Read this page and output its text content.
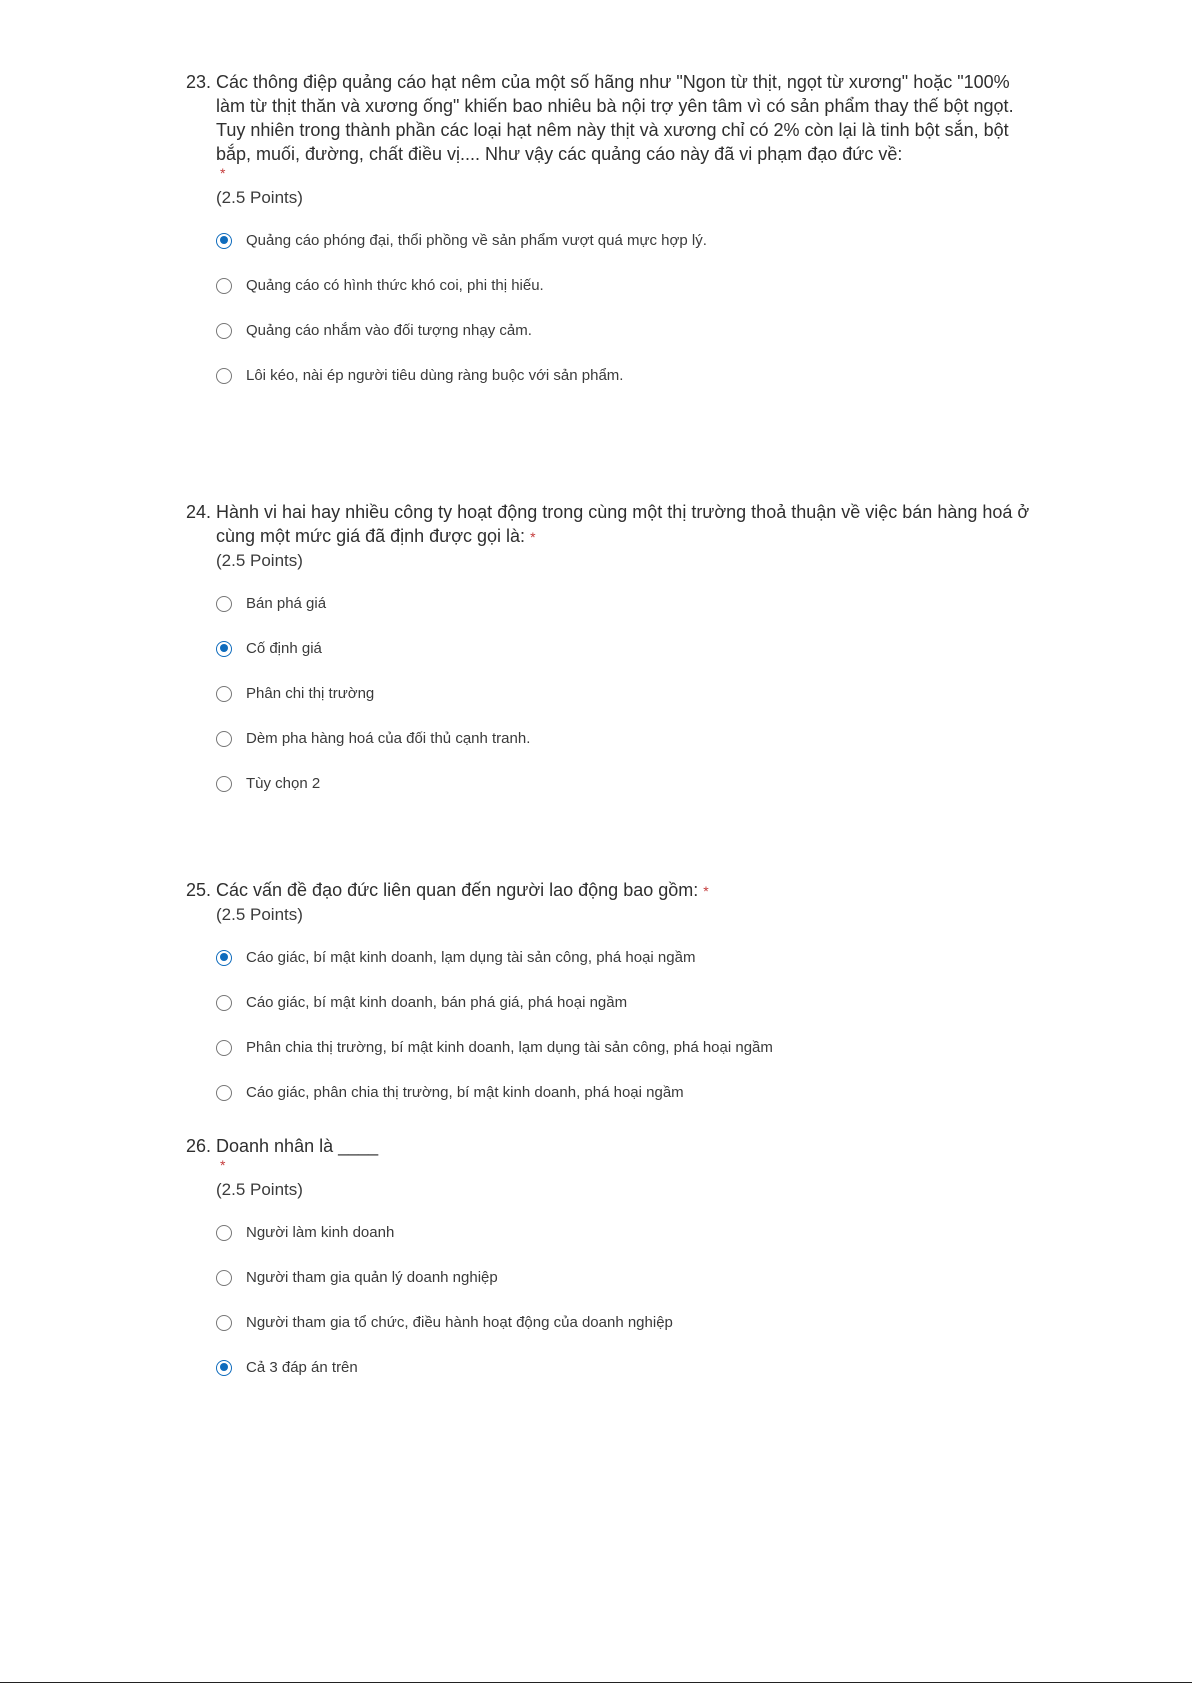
23. Các thông điệp quảng cáo hạt nêm của một số hãng như "Ngon từ thịt, ngọt từ xương" hoặc "100% làm từ thịt thăn và xương ống" khiến bao nhiêu bà nội trợ yên tâm vì có sản phẩm thay thế bột ngọt. Tuy nhiên trong thành phần các loại hạt nêm này thịt và xương chỉ có 2% còn lại là tinh bột sắn, bột bắp, muối, đường, chất điều vị.... Như vậy các quảng cáo này đã vi phạm đạo đức về:
*
(2.5 Points)
Quảng cáo phóng đại, thổi phồng về sản phẩm vượt quá mực hợp lý.
Quảng cáo có hình thức khó coi, phi thị hiếu.
Quảng cáo nhắm vào đối tượng nhạy cảm.
Lôi kéo, nài ép người tiêu dùng ràng buộc với sản phẩm.
24. Hành vi hai hay nhiều công ty hoạt động trong cùng một thị trường thoả thuận về việc bán hàng hoá ở cùng một mức giá đã định được gọi là: *
(2.5 Points)
Bán phá giá
Cố định giá
Phân chi thị trường
Dèm pha hàng hoá của đối thủ cạnh tranh.
Tùy chọn 2
25. Các vấn đề đạo đức liên quan đến người lao động bao gồm: *
(2.5 Points)
Cáo giác, bí mật kinh doanh, lạm dụng tài sản công, phá hoại ngầm
Cáo giác, bí mật kinh doanh, bán phá giá, phá hoại ngầm
Phân chia thị trường, bí mật kinh doanh, lạm dụng tài sản công, phá hoại ngầm
Cáo giác, phân chia thị trường, bí mật kinh doanh, phá hoại ngầm
26. Doanh nhân là ____
*
(2.5 Points)
Người làm kinh doanh
Người tham gia quản lý doanh nghiệp
Người tham gia tổ chức, điều hành hoạt động của doanh nghiệp
Cả 3 đáp án trên
